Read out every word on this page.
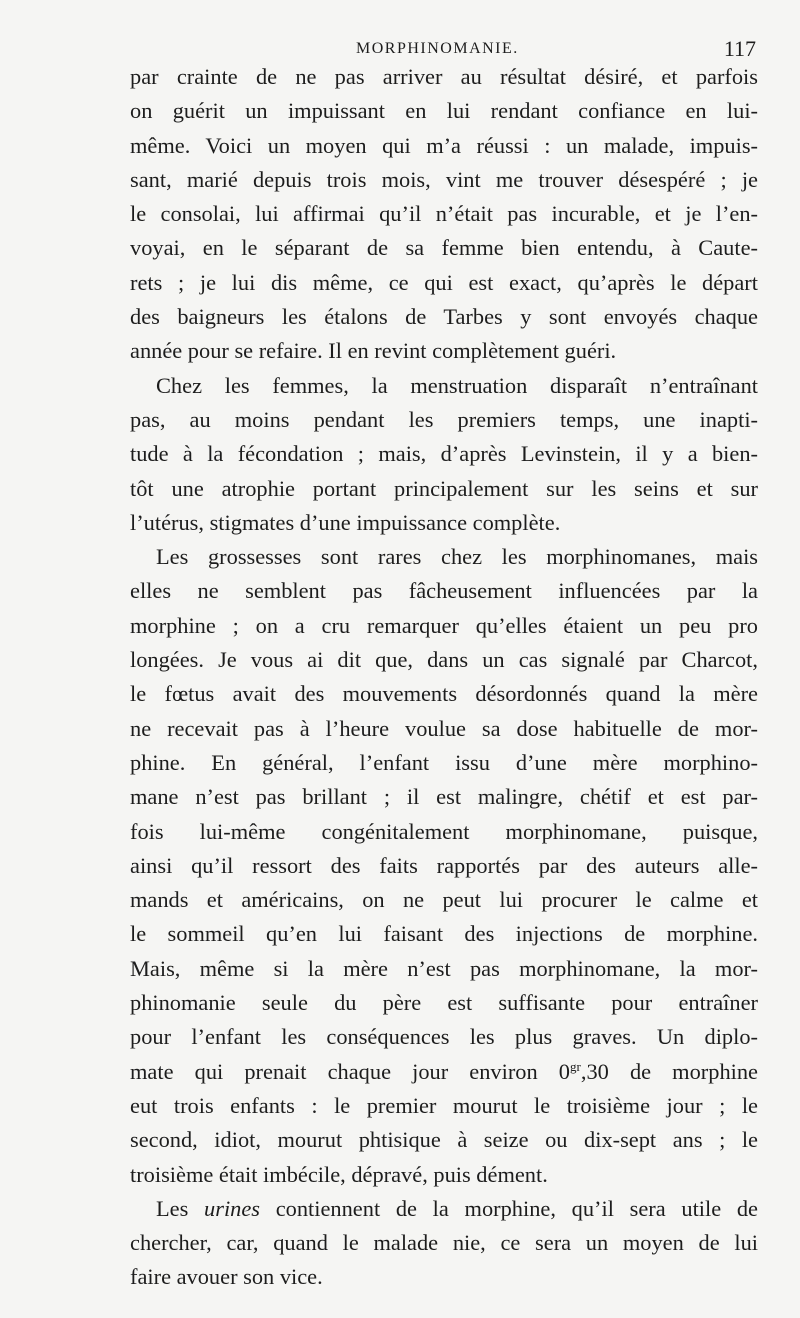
MORPHINOMANIE.	117
par crainte de ne pas arriver au résultat désiré, et parfois
on guérit un impuissant en lui rendant confiance en lui-
même. Voici un moyen qui m’a réussi : un malade, impuis-
sant, marié depuis trois mois, vint me trouver désespéré ; je
le consolai, lui affirmai qu’il n’était pas incurable, et je l’en-
voyai, en le séparant de sa femme bien entendu, à Caute-
rets ; je lui dis même, ce qui est exact, qu’après le départ
des baigneurs les étalons de Tarbes y sont envoyés chaque
année pour se refaire. Il en revint complètement guéri.
Chez les femmes, la menstruation disparaît n’entraînant
pas, au moins pendant les premiers temps, une inapti-
tude à la fécondation ; mais, d’après Levinstein, il y a bien-
tôt une atrophie portant principalement sur les seins et sur
l’utérus, stigmates d’une impuissance complète.
Les grossesses sont rares chez les morphinomanes, mais
elles ne semblent pas fâcheusement influencées par la
morphine ; on a cru remarquer qu’elles étaient un peu pro
longées. Je vous ai dit que, dans un cas signalé par Charcot,
le fœtus avait des mouvements désordonnés quand la mère
ne recevait pas à l’heure voulue sa dose habituelle de mor-
phine. En général, l’enfant issu d’une mère morphino-
mane n’est pas brillant ; il est malingre, chétif et est par-
fois lui-même congénitalement morphinomane, puisque,
ainsi qu’il ressort des faits rapportés par des auteurs alle-
mands et américains, on ne peut lui procurer le calme et
le sommeil qu’en lui faisant des injections de morphine.
Mais, même si la mère n’est pas morphinomane, la mor-
phinomanie seule du père est suffisante pour entraîner
pour l’enfant les conséquences les plus graves. Un diplo-
mate qui prenait chaque jour environ $0^{gr},30$ de morphine
eut trois enfants : le premier mourut le troisième jour ; le
second, idiot, mourut phtisique à seize ou dix-sept ans ; le
troisième était imbécile, dépravé, puis dément.
Les urines contiennent de la morphine, qu’il sera utile de
chercher, car, quand le malade nie, ce sera un moyen de lui
faire avouer son vice.
